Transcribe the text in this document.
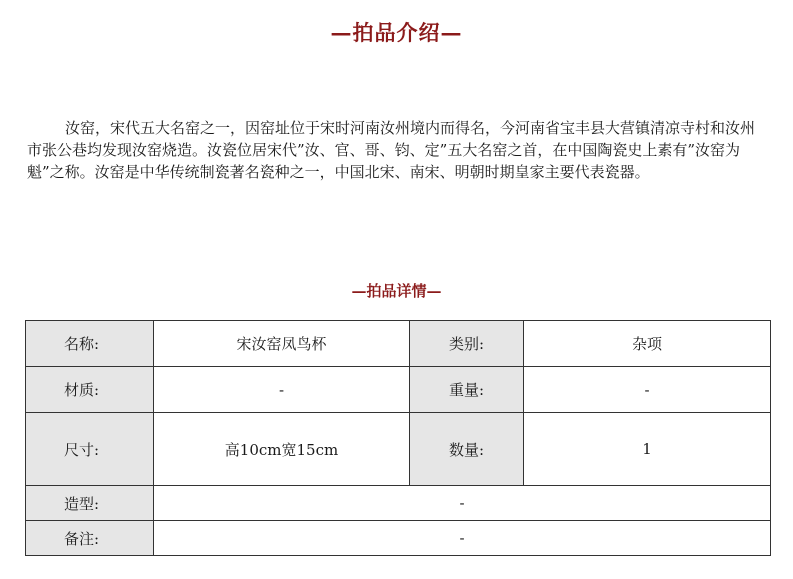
—拍品介绍—

汝窑，宋代五大名窑之一，因窑址位于宋时河南汝州境内而得名，今河南省宝丰县大营镇清凉寺村和汝州市张公巷均发现汝窑烧造。汝瓷位居宋代”汝、官、哥、钧、定”五大名窑之首，在中国陶瓷史上素有”汝窑为魁”之称。汝窑是中华传统制瓷著名瓷种之一，中国北宋、南宋、明朝时期皇家主要代表瓷器。

—拍品详情—
名称:	宋汝窑凤鸟杯	类别:	杂项
材质:	-	重量:	-
尺寸:	高10cm宽15cm	数量:	1
造型:	-		
备注:	-		
